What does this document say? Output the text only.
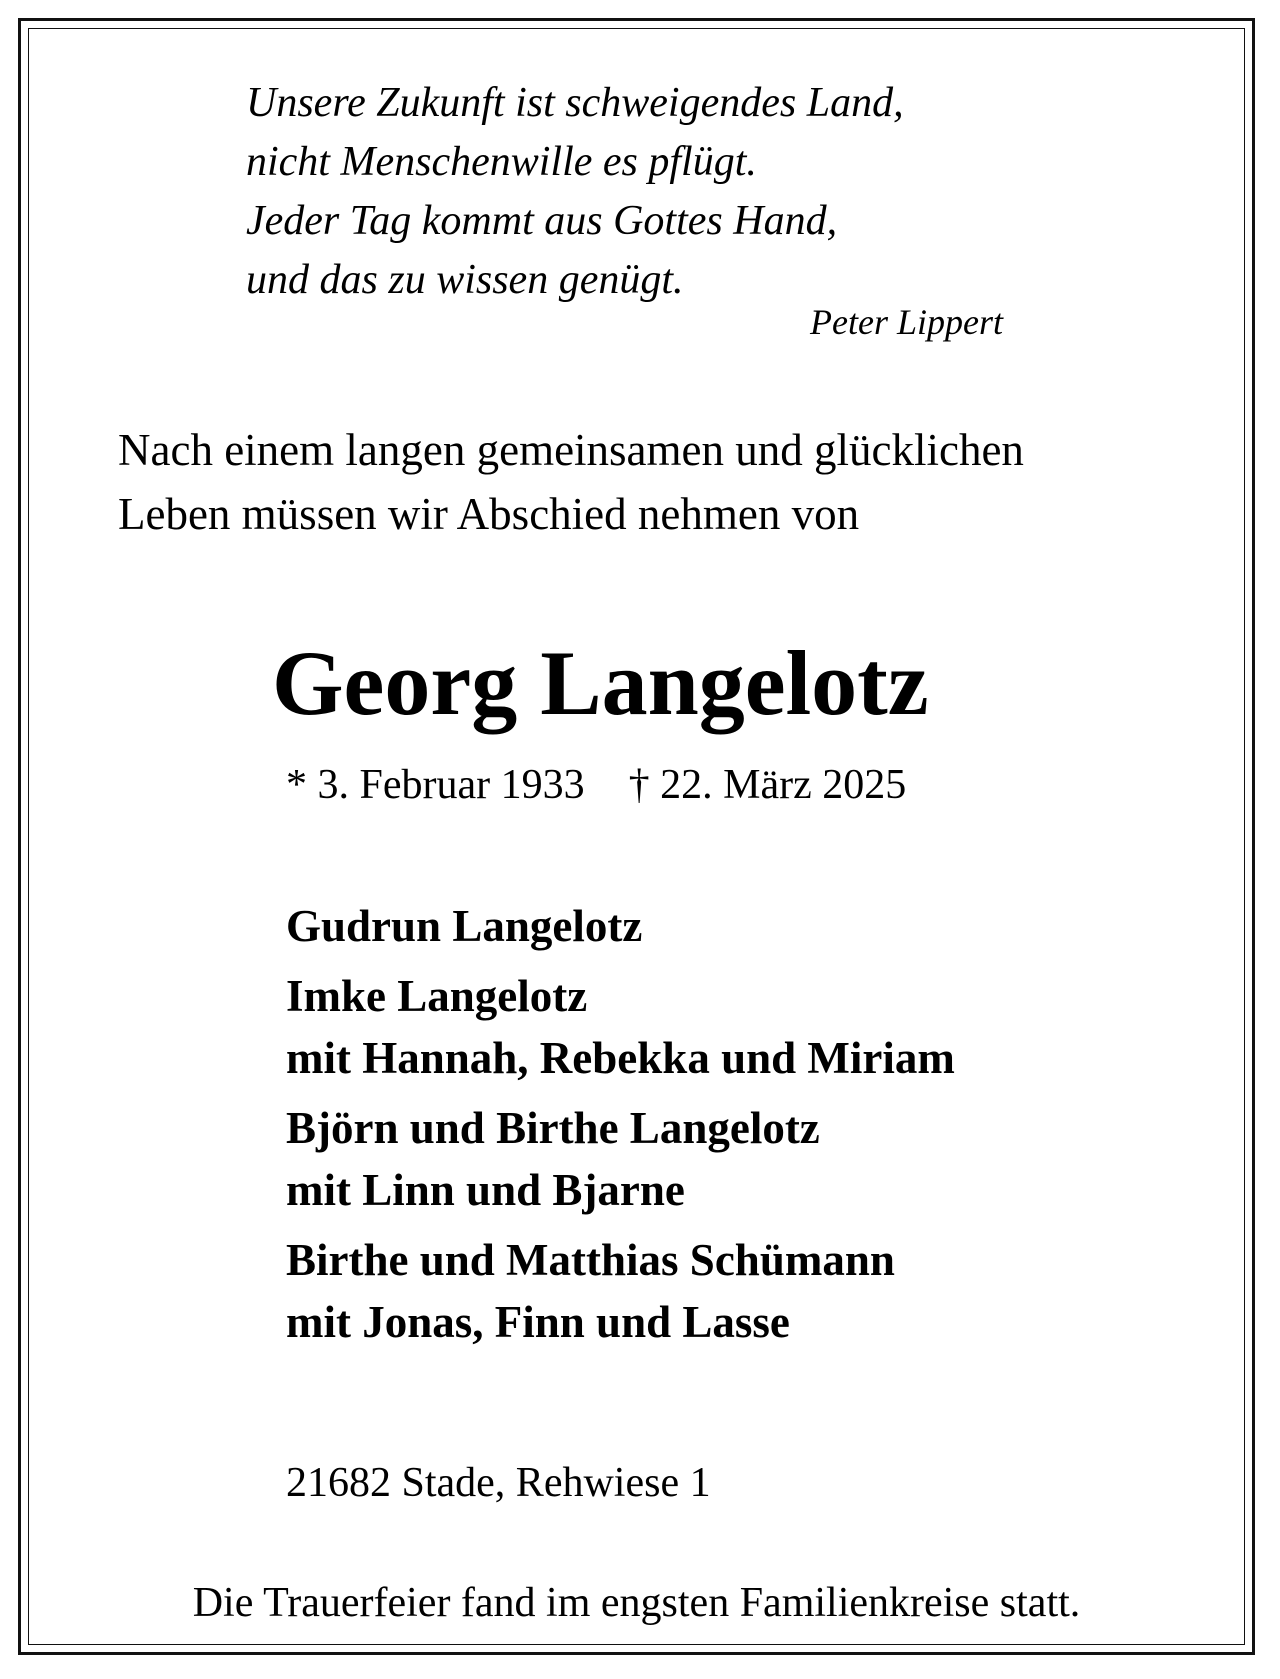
Unsere Zukunft ist schweigendes Land,
nicht Menschenwille es pflügt.
Jeder Tag kommt aus Gottes Hand,
und das zu wissen genügt.
Peter Lippert
Nach einem langen gemeinsamen und glücklichen
Leben müssen wir Abschied nehmen von
Georg Langelotz
* 3. Februar 1933 † 22. März 2025
Gudrun Langelotz
Imke Langelotz
mit Hannah, Rebekka und Miriam
Björn und Birthe Langelotz
mit Linn und Bjarne
Birthe und Matthias Schümann
mit Jonas, Finn und Lasse
21682 Stade, Rehwiese 1
Die Trauerfeier fand im engsten Familienkreise statt.
